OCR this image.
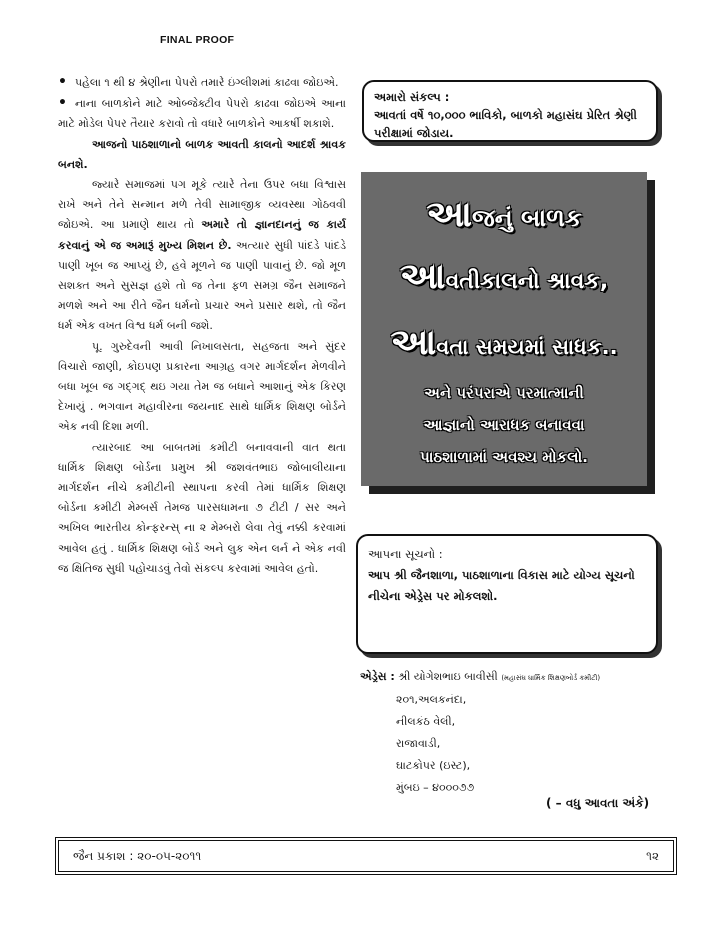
FINAL PROOF

• પહેલા ૧ થી ૪ શ્રેણીના પેપરો તમારે ઇંગ્લીશમાં કાઢવા જોઇએ.

• નાના બાળકોને માટે ઓબ્જેક્ટીવ પેપરો કાઢવા જોઇએ આના માટે મોડેલ પેપર તૈયાર કરાવો તો વધારે બાળકોને આકર્ષી શકાશે.

આજનો પાઠશાળાનો બાળક આવતી કાલનો આદર્શ શ્રાવક બનશે.

જ્યારે સમાજમાં પગ મૂકે ત્યારે તેના ઉપર બધા વિશ્વાસ રાખે અને તેને સન્માન મળે તેવી સામાજીક વ્યવસ્થા ગોઠવવી જોઇએ. આ પ્રમાણે થાય તો અમારે તો જ્ઞાનદાનનું જ કાર્ય કરવાનું એ જ અમારૂં મુખ્ય મિશન છે. અત્યાર સુધી પાંદડે પાંદડે પાણી ખૂબ જ આપ્યું છે, હવે મૂળને જ પાણી પાવાનું છે. જો મૂળ સશક્ત અને સુસજ્ઞ હશે તો જ તેના ફળ સમગ્ર જૈન સમાજને મળશે અને આ રીતે જૈન ધર્મનો પ્રચાર અને પ્રસાર થશે, તો જૈન ધર્મ એક વખત વિશ્વ ધર્મ બની જશે.

પૂ. ગુરુદેવની આવી નિખાલસતા, સહજતા અને સુંદર વિચારો જાણી, કોઇપણ પ્રકારના આગ્રહ વગર માર્ગદર્શન મેળવીને બધા ખૂબ જ ગદ્‌ગદ્‌ થઇ ગયા તેમ જ બધાને આશાનું એક કિરણ દેખાયું . ભગવાન મહાવીરના જયનાદ સાથે ધાર્મિક શિક્ષણ બોર્ડને એક નવી દિશા મળી.

ત્યારબાદ આ બાબતમાં કમીટી બનાવવાની વાત થતા ધાર્મિક શિક્ષણ બોર્ડના પ્રમુખ શ્રી જશવંતભાઇ જોબાલીયાના માર્ગદર્શન નીચે કમીટીની સ્થાપના કરવી તેમાં ધાર્મિક શિક્ષણ બોર્ડના કમીટી મેમ્બર્સ તેમજ પારસધામના ૭ ટીટી / સર અને અખિલ ભારતીય કોન્ફરન્સ્‌ ના ૨ મેમ્બરો લેવા તેવું નક્કી કરવામાં આવેલ હતું . ધાર્મિક શિક્ષણ બોર્ડ અને લુક એન લર્ન ને એક નવી જ ક્ષિતિજ સુધી પહોચાડવું તેવો સંકલ્પ કરવામાં આવેલ હતો.

અમારો સંકલ્પ :
આવતાં વર્ષે ૧૦,૦૦૦ ભાવિકો, બાળકો મહાસંઘ પ્રેરિત શ્રેણી પરીક્ષામાં જોડાય.
આજનું બાળક
આવતીકાલનો શ્રાવક,
આવતા સમયમાં સાધક..
અને પરંપરાએ પરમાત્માની
આજ્ઞાનો આરાધક બનાવવા
પાઠશાળામાં અવશ્ય મોકલો.
આપના સૂચનો :
આપ શ્રી જૈનશાળા, પાઠશાળાના વિકાસ માટે યોગ્ય સૂચનો નીચેના એડ્રેસ પર મોકલશો.
એડ્રેસ : શ્રી યોગેશભાઇ બાવીસી (મહાસંઘ ધાર્મિક શિક્ષણબોર્ડ કમીટી)
૨૦૧,અલકનંદા,
નીલકંઠ વેલી,
રાજાવાડી,
ઘાટકોપર (ઇસ્ટ),
મુંબઇ – ૪૦૦૦૭૭
( – વધુ આવતા અંકે)
જૈન પ્રકાશ : ૨૦-૦૫-૨૦૧૧	૧૨
